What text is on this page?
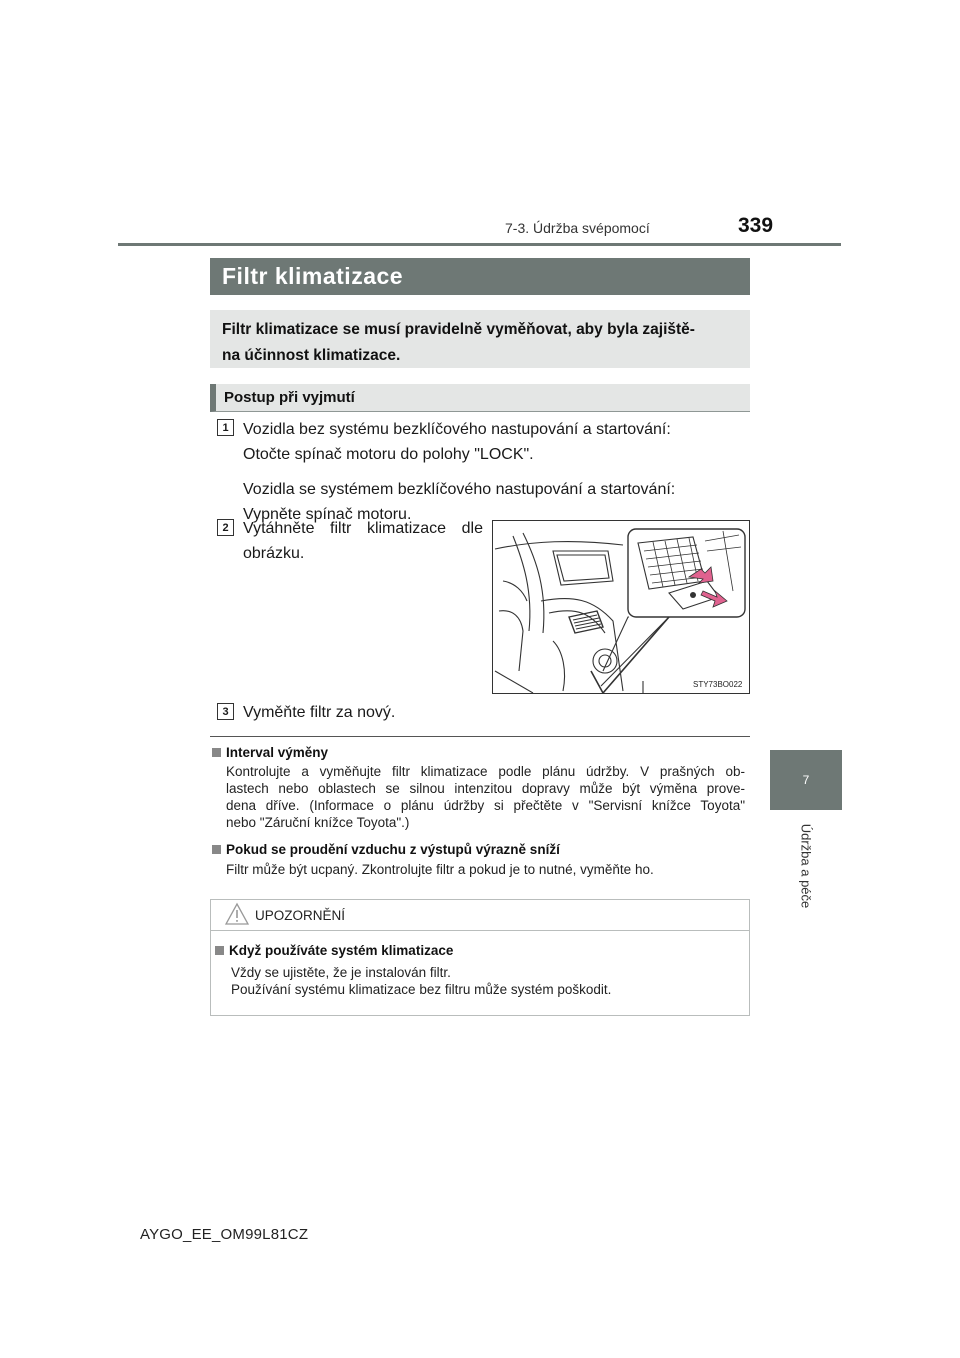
7-3. Údržba svépomocí	339
7
Údržba a péče
Filtr klimatizace
Filtr klimatizace se musí pravidelně vyměňovat, aby byla zajiště-
na účinnost klimatizace.
Postup při vyjmutí
1 Vozidla bez systému bezklíčového nastupování a startování:
Otočte spínač motoru do polohy "LOCK".
Vozidla se systémem bezklíčového nastupování a startování:
Vypněte spínač motoru.
2 Vytáhněte filtr klimatizace dle
obrázku.
STY73BO022
3 Vyměňte filtr za nový.
Interval výměny
Kontrolujte a vyměňujte filtr klimatizace podle plánu údržby. V prašných ob-
lastech nebo oblastech se silnou intenzitou dopravy může být výměna prove-
dena dříve. (Informace o plánu údržby si přečtěte v "Servisní knížce Toyota"
nebo "Záruční knížce Toyota".)
Pokud se proudění vzduchu z výstupů výrazně sníží
Filtr může být ucpaný. Zkontrolujte filtr a pokud je to nutné, vyměňte ho.
UPOZORNĚNÍ
Když používáte systém klimatizace
Vždy se ujistěte, že je instalován filtr.
Používání systému klimatizace bez filtru může systém poškodit.
AYGO_EE_OM99L81CZ
